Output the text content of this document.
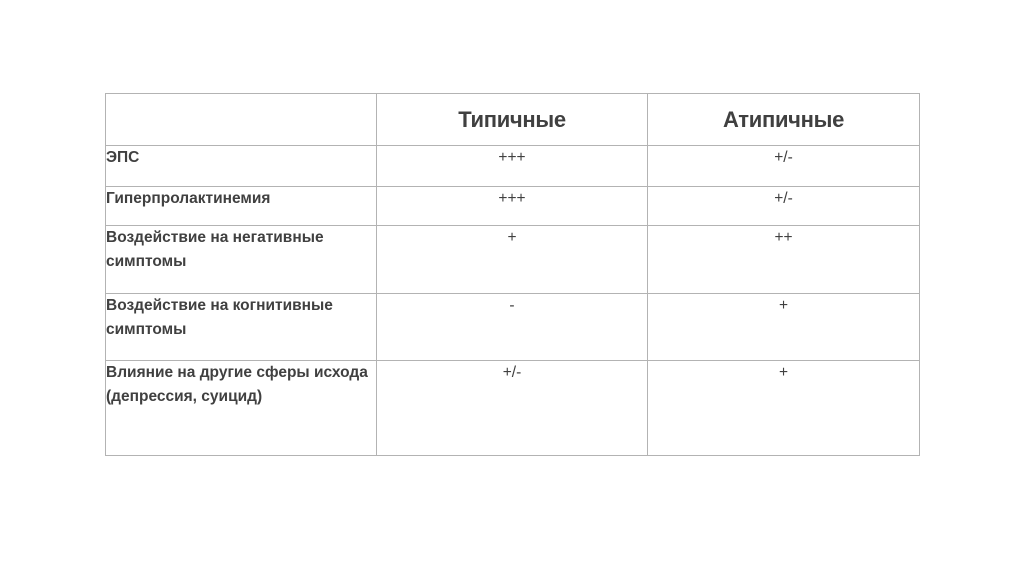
	Типичные	Атипичные
ЭПС	+++	+/-
Гиперпролактинемия	+++	+/-
Воздействие на негативные симптомы	+	++
Воздействие на когнитивные симптомы	-	+
Влияние на другие сферы исхода (депрессия, суицид)	+/-	+
